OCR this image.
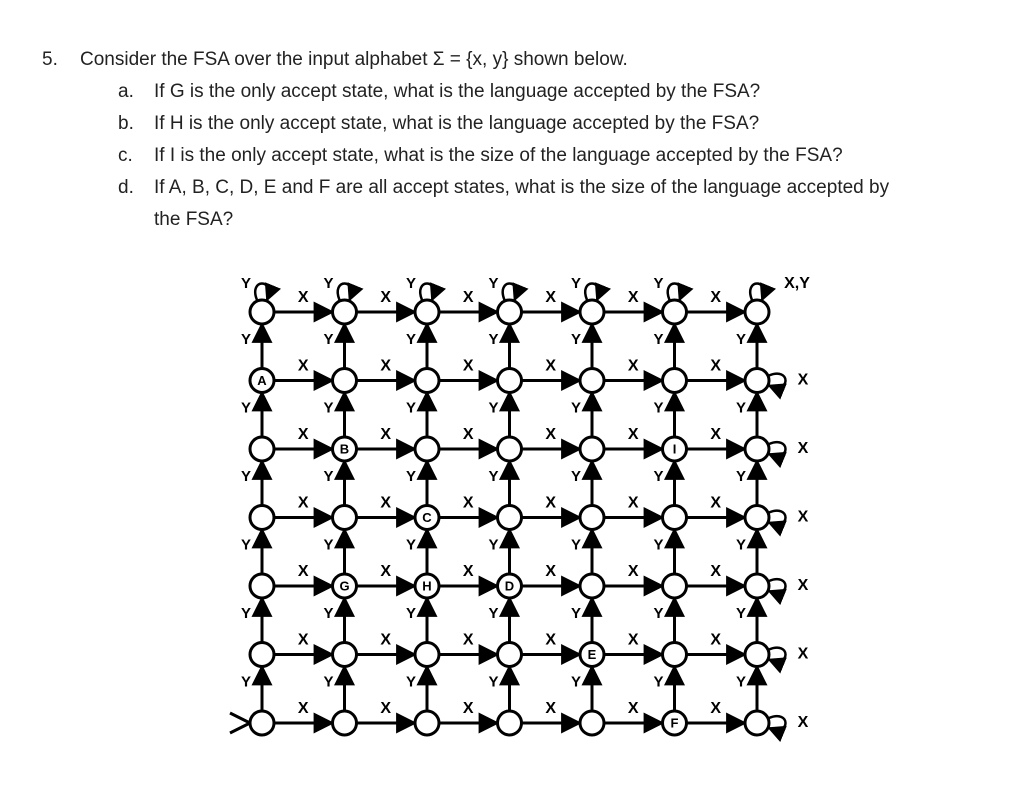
5. Consider the FSA over the input alphabet Σ = {x, y} shown below.
a. If G is the only accept state, what is the language accepted by the FSA?
b. If H is the only accept state, what is the language accepted by the FSA?
c. If I is the only accept state, what is the size of the language accepted by the FSA?
d. If A, B, C, D, E and F are all accept states, what is the size of the language accepted by
the FSA?
A
B	I
C
G	H	D
E
F
X	X	X	X	X	X
X	X	X	X	X	X
Y	Y	Y	Y	Y	Y	Y
X	X	X	X	X	X
Y	Y	Y	Y	Y	Y	Y
X	X	X	X	X	X
Y	Y	Y	Y	Y	Y	Y
X	X	X	X	X	X
Y	Y	Y	Y	Y	Y	Y
X	X	X	X	X	X
Y	Y	Y	Y	Y	Y	Y
X	X	X	X	X	X
Y	Y	Y	Y	Y	Y	Y
Y	Y	Y	Y	Y	Y	X,Y
X
X
X
X
X
X
